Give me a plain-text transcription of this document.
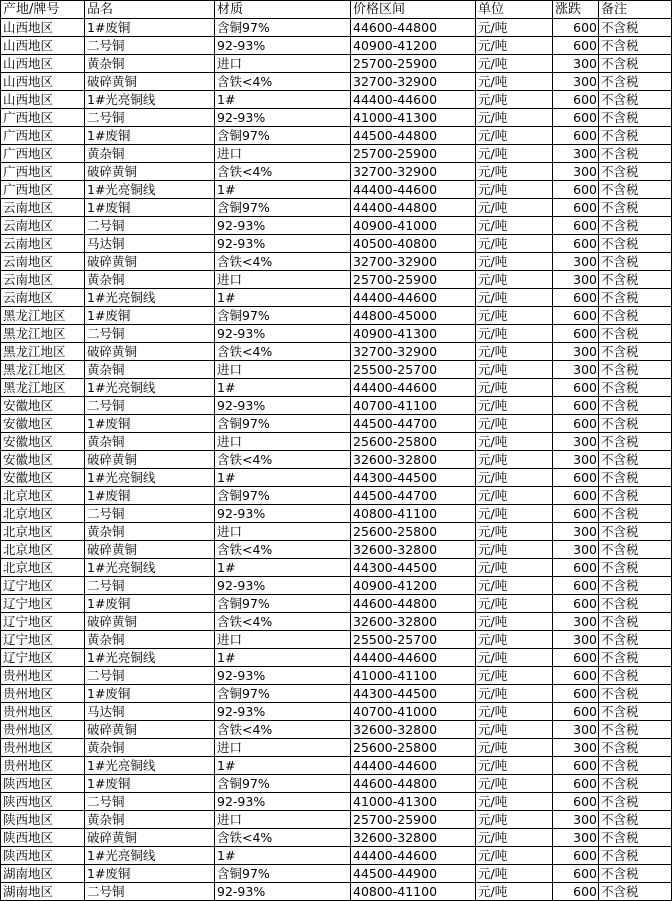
产地/牌号	品名	材质	价格区间	单位	涨跌	备注
山西地区	1#废铜	含铜97%	44600-44800	元/吨	600	不含税
山西地区	二号铜	92-93%	40900-41200	元/吨	600	不含税
山西地区	黄杂铜	进口	25700-25900	元/吨	300	不含税
山西地区	破碎黄铜	含铁<4%	32700-32900	元/吨	300	不含税
山西地区	1#光亮铜线	1#	44400-44600	元/吨	600	不含税
广西地区	二号铜	92-93%	41000-41300	元/吨	600	不含税
广西地区	1#废铜	含铜97%	44500-44800	元/吨	600	不含税
广西地区	黄杂铜	进口	25700-25900	元/吨	300	不含税
广西地区	破碎黄铜	含铁<4%	32700-32900	元/吨	300	不含税
广西地区	1#光亮铜线	1#	44400-44600	元/吨	600	不含税
云南地区	1#废铜	含铜97%	44400-44800	元/吨	600	不含税
云南地区	二号铜	92-93%	40900-41000	元/吨	600	不含税
云南地区	马达铜	92-93%	40500-40800	元/吨	600	不含税
云南地区	破碎黄铜	含铁<4%	32700-32900	元/吨	300	不含税
云南地区	黄杂铜	进口	25700-25900	元/吨	300	不含税
云南地区	1#光亮铜线	1#	44400-44600	元/吨	600	不含税
黑龙江地区	1#废铜	含铜97%	44800-45000	元/吨	600	不含税
黑龙江地区	二号铜	92-93%	40900-41300	元/吨	600	不含税
黑龙江地区	破碎黄铜	含铁<4%	32700-32900	元/吨	300	不含税
黑龙江地区	黄杂铜	进口	25500-25700	元/吨	300	不含税
黑龙江地区	1#光亮铜线	1#	44400-44600	元/吨	600	不含税
安徽地区	二号铜	92-93%	40700-41100	元/吨	600	不含税
安徽地区	1#废铜	含铜97%	44500-44700	元/吨	600	不含税
安徽地区	黄杂铜	进口	25600-25800	元/吨	300	不含税
安徽地区	破碎黄铜	含铁<4%	32600-32800	元/吨	300	不含税
安徽地区	1#光亮铜线	1#	44300-44500	元/吨	600	不含税
北京地区	1#废铜	含铜97%	44500-44700	元/吨	600	不含税
北京地区	二号铜	92-93%	40800-41100	元/吨	600	不含税
北京地区	黄杂铜	进口	25600-25800	元/吨	300	不含税
北京地区	破碎黄铜	含铁<4%	32600-32800	元/吨	300	不含税
北京地区	1#光亮铜线	1#	44300-44500	元/吨	600	不含税
辽宁地区	二号铜	92-93%	40900-41200	元/吨	600	不含税
辽宁地区	1#废铜	含铜97%	44600-44800	元/吨	600	不含税
辽宁地区	破碎黄铜	含铁<4%	32600-32800	元/吨	300	不含税
辽宁地区	黄杂铜	进口	25500-25700	元/吨	300	不含税
辽宁地区	1#光亮铜线	1#	44400-44600	元/吨	600	不含税
贵州地区	二号铜	92-93%	41000-41100	元/吨	600	不含税
贵州地区	1#废铜	含铜97%	44300-44500	元/吨	600	不含税
贵州地区	马达铜	92-93%	40700-41000	元/吨	600	不含税
贵州地区	破碎黄铜	含铁<4%	32600-32800	元/吨	300	不含税
贵州地区	黄杂铜	进口	25600-25800	元/吨	300	不含税
贵州地区	1#光亮铜线	1#	44400-44600	元/吨	600	不含税
陕西地区	1#废铜	含铜97%	44600-44800	元/吨	600	不含税
陕西地区	二号铜	92-93%	41000-41300	元/吨	600	不含税
陕西地区	黄杂铜	进口	25700-25900	元/吨	300	不含税
陕西地区	破碎黄铜	含铁<4%	32600-32800	元/吨	300	不含税
陕西地区	1#光亮铜线	1#	44400-44600	元/吨	600	不含税
湖南地区	1#废铜	含铜97%	44500-44900	元/吨	600	不含税
湖南地区	二号铜	92-93%	40800-41100	元/吨	600	不含税
